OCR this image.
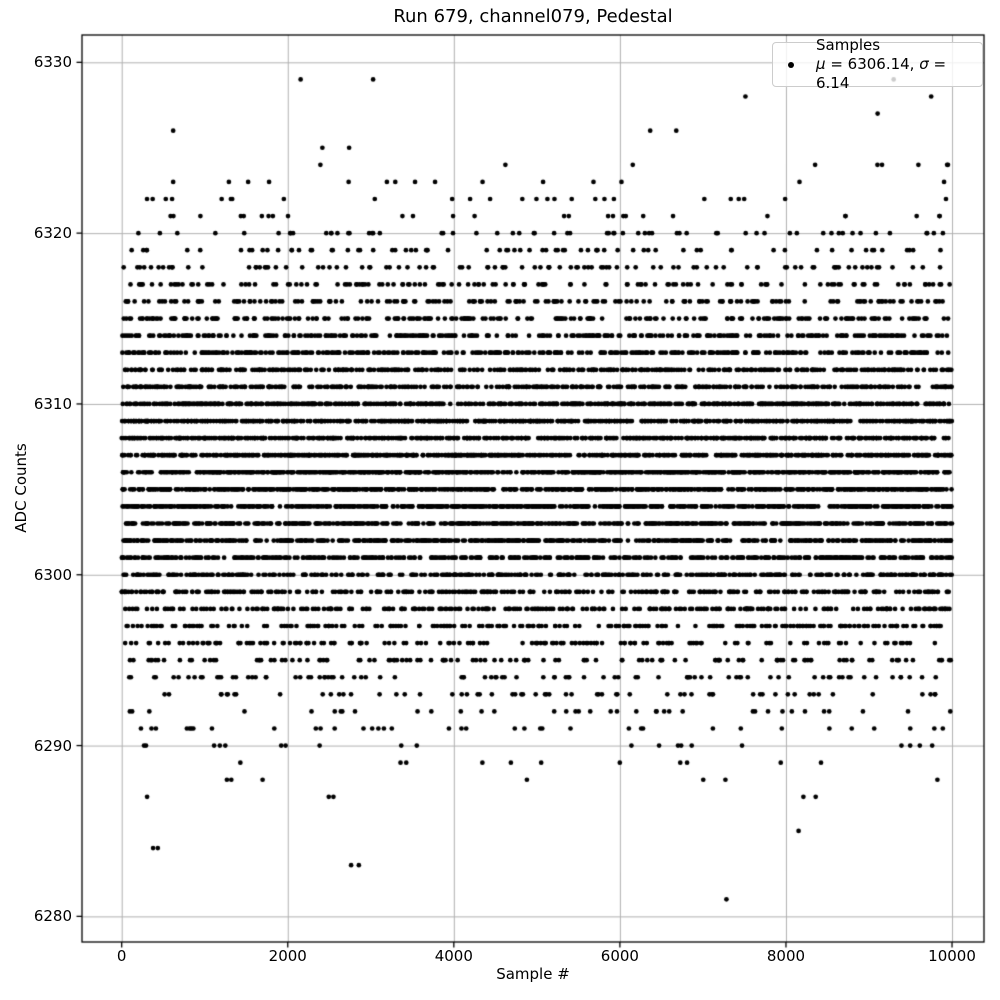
Run 679, channel079, Pedestal
ADC Counts
Sample #
6280
6290
6300
6310
6320
6330
0	2000	4000	6000	8000	10000
Samples
μ = 6306.14, σ = 6.14
